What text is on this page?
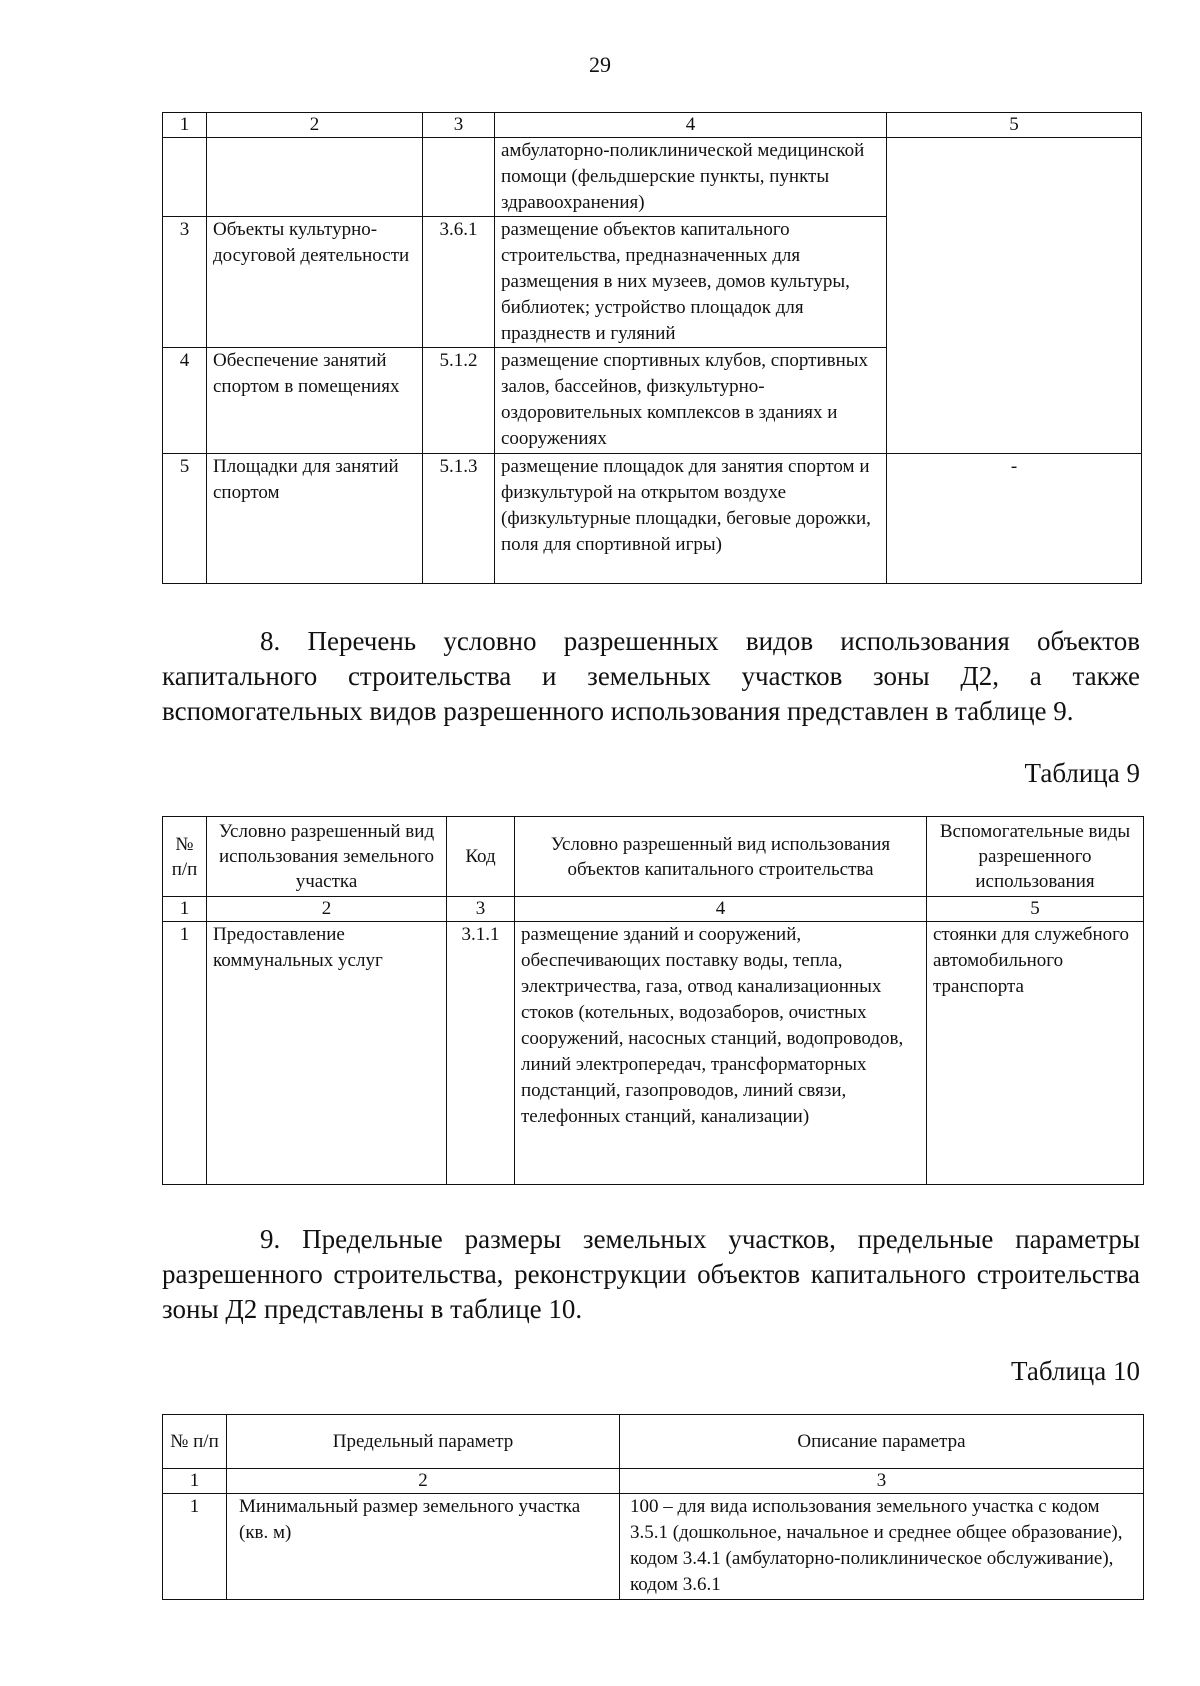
29
1	2	3	4	5
			амбулаторно-поликлинической медицинской помощи (фельдшерские пункты, пункты здравоохранения)	
3	Объекты культурно-досуговой деятельности	3.6.1	размещение объектов капитального строительства, предназначенных для размещения в них музеев, домов культуры, библиотек; устройство площадок для празднеств и гуляний	
4	Обеспечение занятий спортом в помещениях	5.1.2	размещение спортивных клубов, спортивных залов, бассейнов, физкультурно-оздоровительных комплексов в зданиях и сооружениях	
5	Площадки для занятий спортом	5.1.3	размещение площадок для занятия спортом и физкультурой на открытом воздухе (физкультурные площадки, беговые дорожки, поля для спортивной игры)	-
8. Перечень условно разрешенных видов использования объектов капитального строительства и земельных участков зоны Д2, а также вспомогательных видов разрешенного использования представлен в таблице 9.
Таблица 9
№ п/п	Условно разрешенный вид использования земельного участка	Код	Условно разрешенный вид использования объектов капитального строительства	Вспомогательные виды разрешенного использования
1	2	3	4	5
1	Предоставление коммунальных услуг	3.1.1	размещение зданий и сооружений, обеспечивающих поставку воды, тепла, электричества, газа, отвод канализационных стоков (котельных, водозаборов, очистных сооружений, насосных станций, водопроводов, линий электропередач, трансформаторных подстанций, газопроводов, линий связи, телефонных станций, канализации)	стоянки для служебного автомобильного транспорта
9. Предельные размеры земельных участков, предельные параметры разрешенного строительства, реконструкции объектов капитального строительства зоны Д2 представлены в таблице 10.
Таблица 10
№ п/п	Предельный параметр	Описание параметра
1	2	3
1	Минимальный размер земельного участка (кв. м)	100 – для вида использования земельного участка с кодом 3.5.1 (дошкольное, начальное и среднее общее образование), кодом 3.4.1 (амбулаторно-поликлиническое обслуживание), кодом 3.6.1
